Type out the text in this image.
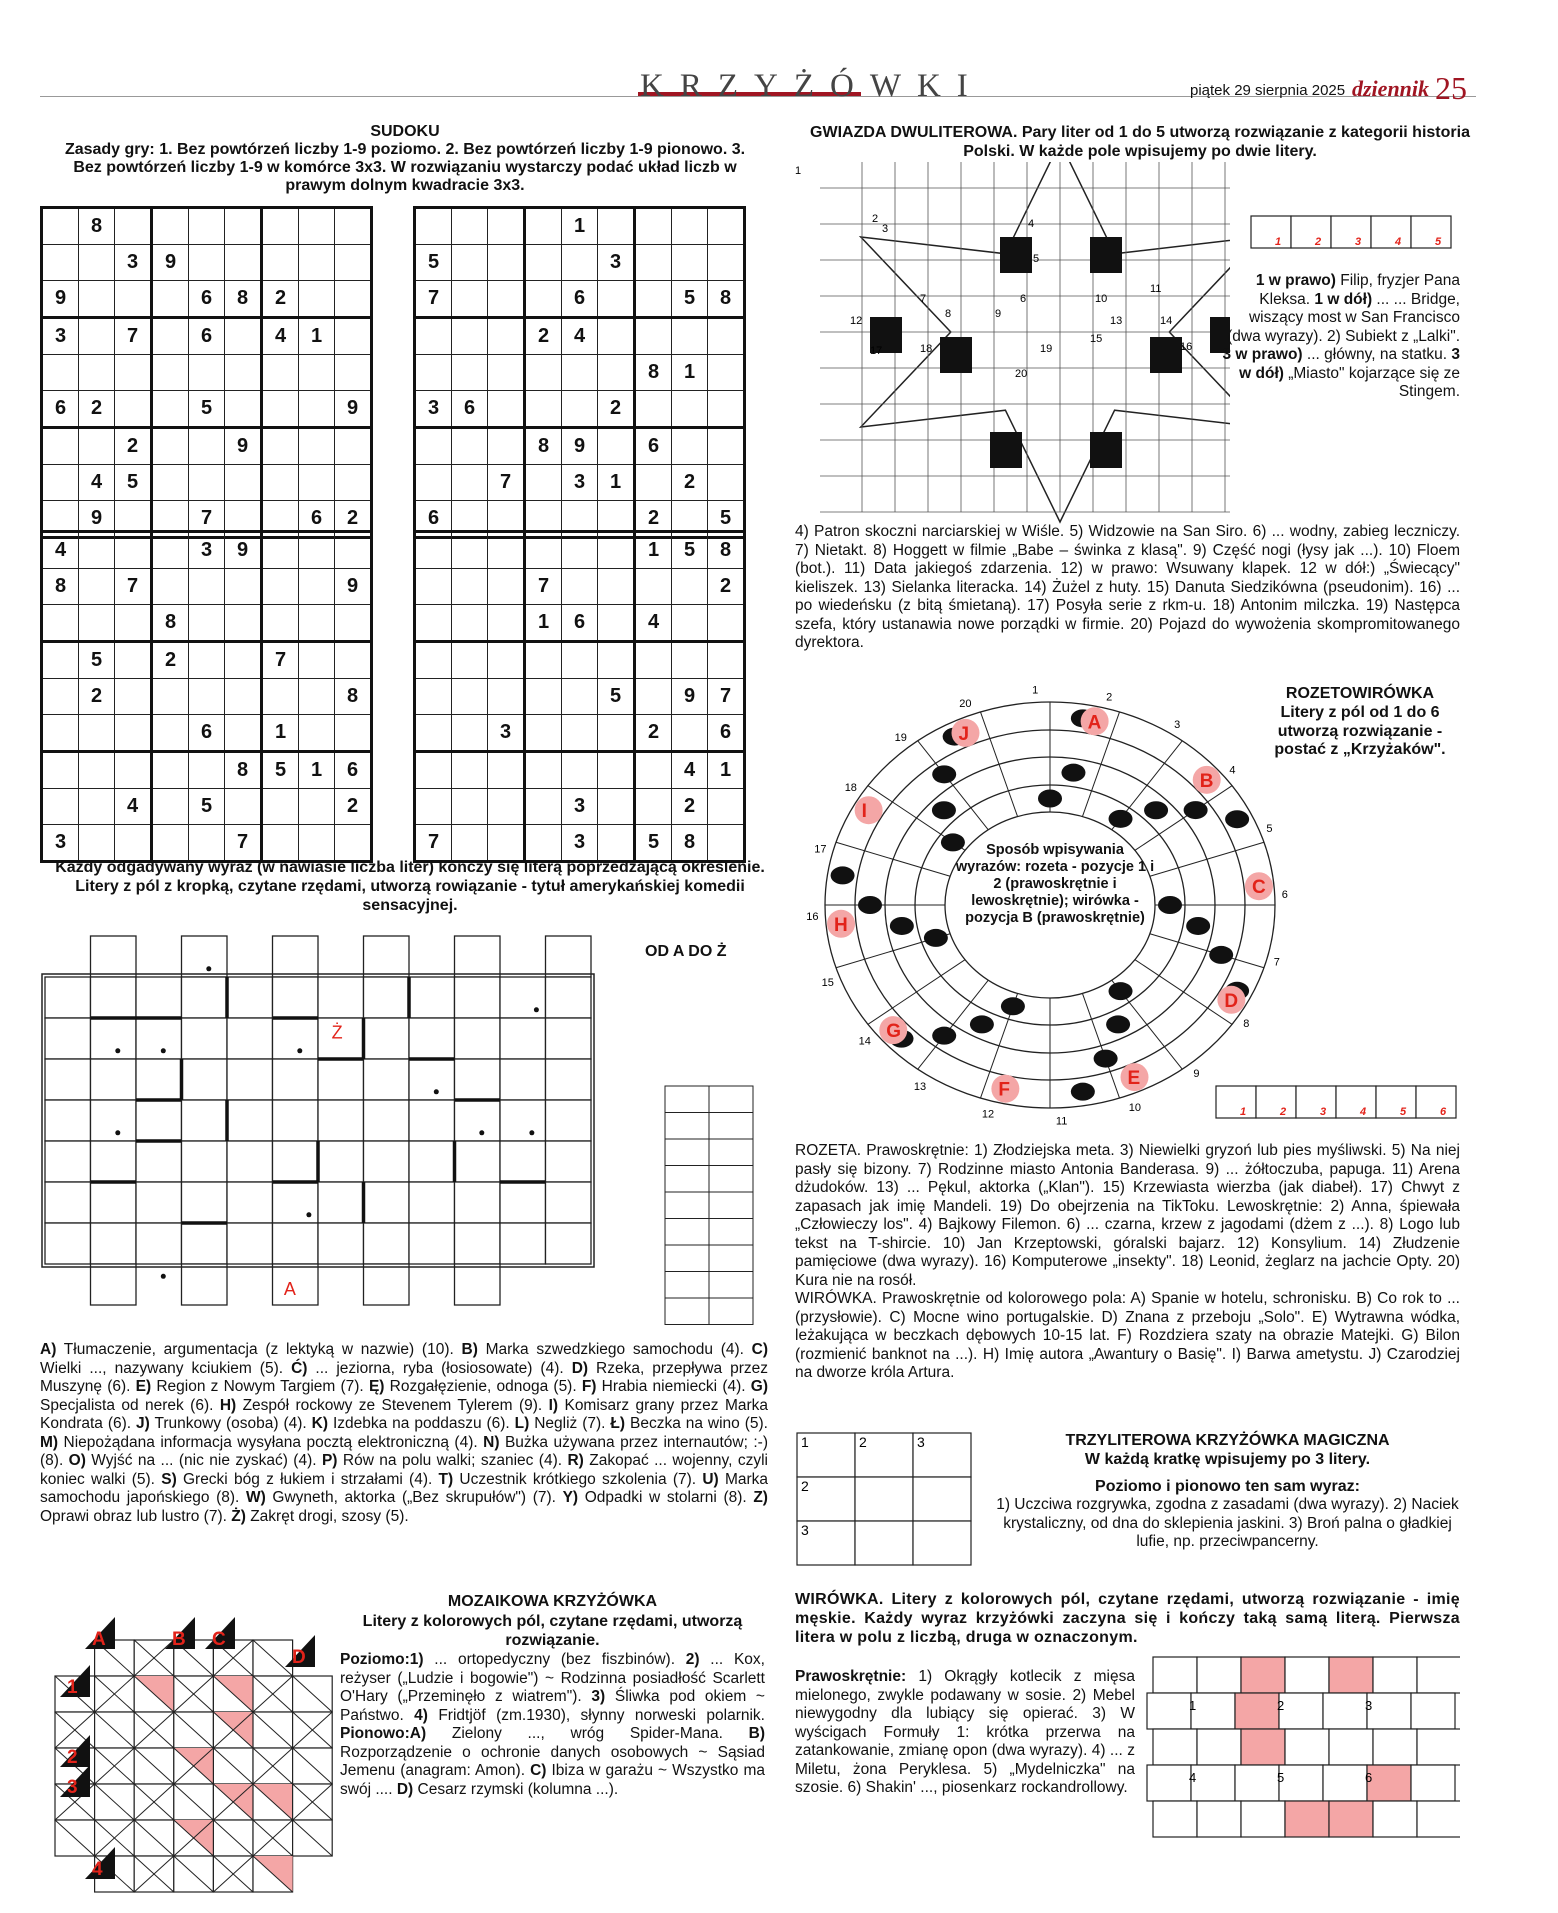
KRZYŻÓWKI	piątek 29 sierpnia 2025 dziennik 25
SUDOKU
Zasady gry: 1. Bez powtórzeń liczby 1-9 poziomo. 2. Bez powtórzeń liczby 1-9 pionowo. 3. Bez powtórzeń liczby 1-9 w komórce 3x3. W rozwiązaniu wystarczy podać układ liczb w prawym dolnym kwadracie 3x3.
	8							
		3	9					
9				6	8	2		
3		7		6		4	1	

6	2			5				9
		2			9			
	4	5						
	9			7			6	2
				1				
5					3			
7				6			5	8
			2	4				
						8	1	
3	6				2			
			8	9		6		
		7		3	1		2	
6						2		5
4				3	9			
8		7						9
			8					
	5		2			7		
	2							8
				6		1		
					8	5	1	6
		4		5				2
3					7			
						1	5	8
			7					2
			1	6		4		

					5		9	7
		3				2		6
							4	1
				3			2	
7				3		5	8	
Każdy odgadywany wyraz (w nawiasie liczba liter) kończy się literą poprzedzającą określenie. Litery z pól z kropką, czytane rzędami, utworzą rowiązanie - tytuł amerykańskiej komedii sensacyjnej.
OD A DO Ż
Ż
A
A) Tłumaczenie, argumentacja (z lektyką w nazwie) (10). B) Marka szwedzkiego samochodu (4). C) Wielki ..., nazywany kciukiem (5). Ć) ... jeziorna, ryba (łosiosowate) (4). D) Rzeka, przepływa przez Muszynę (6). E) Region z Nowym Targiem (7). Ę) Rozgałęzienie, odnoga (5). F) Hrabia niemiecki (4). G) Specjalista od nerek (6). H) Zespół rockowy ze Stevenem Tylerem (9). I) Komisarz grany przez Marka Kondrata (6). J) Trunkowy (osoba) (4). K) Izdebka na poddaszu (6). L) Negliż (7). Ł) Beczka na wino (5). M) Niepożądana informacja wysyłana pocztą elektroniczną (4). N) Bużka używana przez internautów; :-) (8). O) Wyjść na ... (nic nie zyskać) (4). P) Rów na polu walki; szaniec (4). R) Zakopać ... wojenny, czyli koniec walki (5). S) Grecki bóg z łukiem i strzałami (4). T) Uczestnik krótkiego szkolenia (7). U) Marka samochodu japońskiego (8). W) Gwyneth, aktorka („Bez skrupułów") (7). Y) Odpadki w stolarni (8). Z) Oprawi obraz lub lustro (7). Ż) Zakręt drogi, szosy (5).
MOZAIKOWA KRZYŻÓWKA
Litery z kolorowych pól, czytane rzędami, utworzą rozwiązanie.
A	B C
D
1
2
3
4
Poziomo:1) ... ortopedyczny (bez fiszbinów). 2) ... Kox, reżyser („Ludzie i bogowie") ~ Rodzinna posiadłość Scarlett O'Hary („Przeminęło z wiatrem"). 3) Śliwka pod okiem ~ Państwo. 4) Fridtjöf (zm.1930), słynny norweski polarnik. Pionowo:A) Zielony ..., wróg Spider-Mana. B) Rozporządzenie o ochronie danych osobowych ~ Sąsiad Jemenu (anagram: Amon). C) Ibiza w garażu ~ Wszystko ma swój .... D) Cesarz rzymski (kolumna ...).
GWIAZDA DWULITEROWA. Pary liter od 1 do 5 utworzą rozwiązanie z kategorii historia Polski. W każde pole wpisujemy po dwie litery.
1
2
3	4
5
6
7
8	9
10
11
12	13	14
15
16
17	18	19
20
1	2	3	4	5
1 w prawo) Filip, fryzjer Pana Kleksa. 1 w dół) ... ... Bridge, wiszący most w San Francisco (dwa wyrazy). 2) Subiekt z „Lalki". 3 w prawo) ... główny, na statku. 3 w dół) „Miasto" kojarzące się ze Stingem.
4) Patron skoczni narciarskiej w Wiśle. 5) Widzowie na San Siro. 6) ... wodny, zabieg leczniczy. 7) Nietakt. 8) Hoggett w filmie „Babe – świnka z klasą". 9) Część nogi (łysy jak ...). 10) Floem (bot.). 11) Data jakiegoś zdarzenia. 12) w prawo: Wsuwany klapek. 12 w dół:) „Świecący" kieliszek. 13) Sielanka literacka. 14) Żużel z huty. 15) Danuta Siedzikówna (pseudonim). 16) ... po wiedeńsku (z bitą śmietaną). 17) Posyła serie z rkm-u. 18) Antonim milczka. 19) Następca szefa, który ustanawia nowe porządki w firmie. 20) Pojazd do wywożenia skompromitowanego dyrektora.
ROZETOWIRÓWKA
Litery z pól od 1 do 6 utworzą rozwiązanie - postać z „Krzyżaków".
A
B
C
D
E
F
G
H
I
J
1
2
3
4
5
6
7
8
9
10
11
12
13
14
15
16
17
18
19
20
Sposób wpisywania wyrazów: rozeta - pozycje 1 i 2 (prawoskrętnie i lewoskrętnie); wirówka - pozycja B (prawoskrętnie)
1	2	3	4	5	6
ROZETA. Prawoskrętnie: 1) Złodziejska meta. 3) Niewielki gryzoń lub pies myśliwski. 5) Na niej pasły się bizony. 7) Rodzinne miasto Antonia Banderasa. 9) ... żółtoczuba, papuga. 11) Arena dżudoków. 13) ... Pękul, aktorka („Klan"). 15) Krzewiasta wierzba (jak diabeł). 17) Chwyt z zapasach jak imię Mandeli. 19) Do obejrzenia na TikToku. Lewoskrętnie: 2) Anna, śpiewała „Człowieczy los". 4) Bajkowy Filemon. 6) ... czarna, krzew z jagodami (dżem z ...). 8) Logo lub tekst na T-shircie. 10) Jan Krzeptowski, góralski bajarz. 12) Konsylium. 14) Złudzenie pamięciowe (dwa wyrazy). 16) Komputerowe „insekty". 18) Leonid, żeglarz na jachcie Opty. 20) Kura nie na rosół.
WIRÓWKA. Prawoskrętnie od kolorowego pola: A) Spanie w hotelu, schronisku. B) Co rok to ... (przysłowie). C) Mocne wino portugalskie. D) Znana z przeboju „Solo". E) Wytrawna wódka, leżakująca w beczkach dębowych 10-15 lat. F) Rozdziera szaty na obrazie Matejki. G) Bilon (rozmienić banknot na ...). H) Imię autora „Awantury o Basię". I) Barwa ametystu. J) Czarodziej na dworze króla Artura.
TRZYLITEROWA KRZYŻÓWKA MAGICZNA
W każdą kratkę wpisujemy po 3 litery.
Poziomo i pionowo ten sam wyraz:
1) Uczciwa rozgrywka, zgodna z zasadami (dwa wyrazy). 2) Naciek krystaliczny, od dna do sklepienia jaskini. 3) Broń palna o gładkiej lufie, np. przeciwpancerny.
1	2	3
2
3
WIRÓWKA. Litery z kolorowych pól, czytane rzędami, utworzą rozwiązanie - imię męskie. Każdy wyraz krzyżówki zaczyna się i kończy taką samą literą. Pierwsza litera w polu z liczbą, druga w oznaczonym.
Prawoskrętnie: 1) Okrągły kotlecik z mięsa mielonego, zwykle podawany w sosie. 2) Mebel niewygodny dla lubiący się opierać. 3) W wyścigach Formuły 1: krótka przerwa na zatankowanie, zmianę opon (dwa wyrazy). 4) ... z Miletu, żona Peryklesa. 5) „Mydelniczka" na szosie. 6) Shakin' ..., piosenkarz rockandrollowy.
1	2	3
4	5	6
